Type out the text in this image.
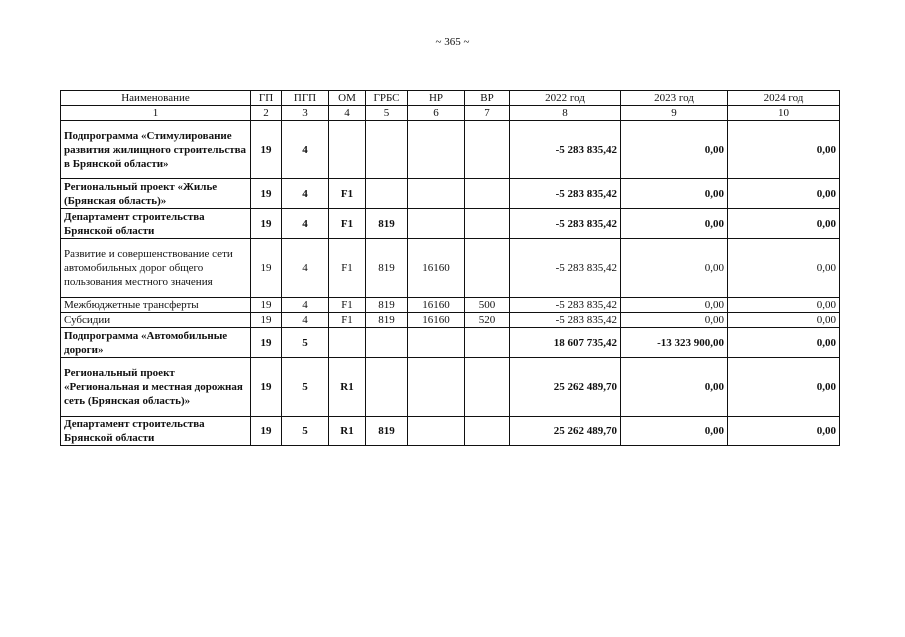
~ 365 ~
Наименование	ГП	ПГП	ОМ	ГРБС	НР	ВР	2022 год	2023 год	2024 год
1	2	3	4	5	6	7	8	9	10
Подпрограмма «Стимулирование развития жилищного строительства в Брянской области»	19	4					-5 283 835,42	0,00	0,00
Региональный проект «Жилье (Брянская область)»	19	4	F1				-5 283 835,42	0,00	0,00
Департамент строительства Брянской области	19	4	F1	819			-5 283 835,42	0,00	0,00
Развитие и совершенствование сети автомобильных дорог общего пользования местного значения	19	4	F1	819	16160		-5 283 835,42	0,00	0,00
Межбюджетные трансферты	19	4	F1	819	16160	500	-5 283 835,42	0,00	0,00
Субсидии	19	4	F1	819	16160	520	-5 283 835,42	0,00	0,00
Подпрограмма «Автомобильные дороги»	19	5					18 607 735,42	-13 323 900,00	0,00
Региональный проект «Региональная и местная дорожная сеть (Брянская область)»	19	5	R1				25 262 489,70	0,00	0,00
Департамент строительства Брянской области	19	5	R1	819			25 262 489,70	0,00	0,00
